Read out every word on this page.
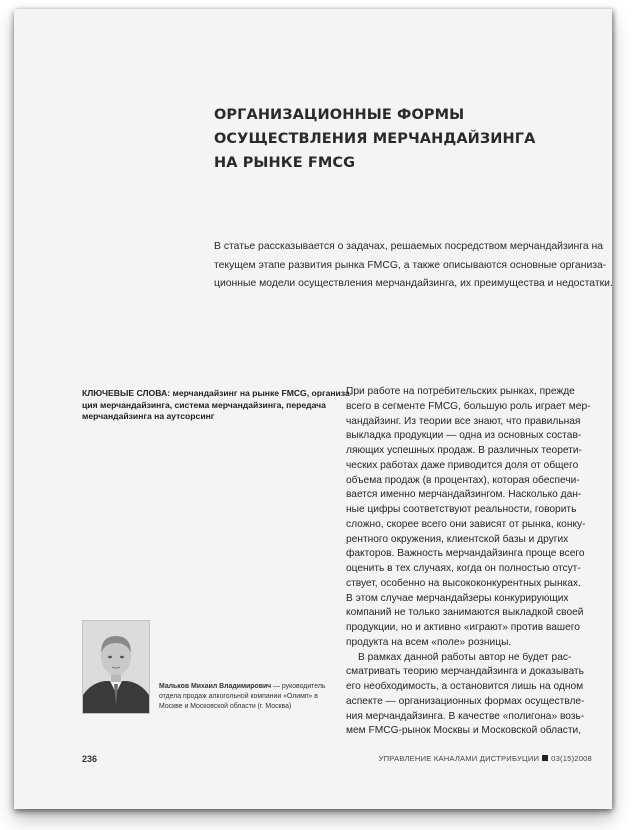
ОРГАНИЗАЦИОННЫЕ ФОРМЫ
ОСУЩЕСТВЛЕНИЯ МЕРЧАНДАЙЗИНГА
НА РЫНКЕ FMCG

В статье рассказывается о задачах, решаемых посредством мерчандайзинга на
текущем этапе развития рынка FMCG, а также описываются основные организа-
ционные модели осуществления мерчандайзинга, их преимущества и недостатки.

КЛЮЧЕВЫЕ СЛОВА: мерчандайзинг на рынке FMCG, организа-
ция мерчандайзинга, система мерчандайзинга, передача
мерчандайзинга на аутсорсинг

При работе на потребительских рынках, прежде
всего в сегменте FMCG, большую роль играет мер-
чандайзинг. Из теории все знают, что правильная
выкладка продукции — одна из основных состав-
ляющих успешных продаж. В различных теорети-
ческих работах даже приводится доля от общего
объема продаж (в процентах), которая обеспечи-
вается именно мерчандайзингом. Насколько дан-
ные цифры соответствуют реальности, говорить
сложно, скорее всего они зависят от рынка, конку-
рентного окружения, клиентской базы и других
факторов. Важность мерчандайзинга проще всего
оценить в тех случаях, когда он полностью отсут-
ствует, особенно на высококонкурентных рынках.
В этом случае мерчандайзеры конкурирующих
компаний не только занимаются выкладкой своей
продукции, но и активно «играют» против вашего
продукта на всем «поле» розницы.
В рамках данной работы автор не будет рас-
сматривать теорию мерчандайзинга и доказывать
его необходимость, а остановится лишь на одном
аспекте — организационных формах осуществле-
ния мерчандайзинга. В качестве «полигона» возь-
мем FMCG-рынок Москвы и Московской области,

Мальков Михаил Владимирович — руководитель
отдела продаж алкогольной компании «Олимп» в
Москве и Московской области (г. Москва)

236	УПРАВЛЕНИЕ КАНАЛАМИ ДИСТРИБУЦИИ 03(15)2008
